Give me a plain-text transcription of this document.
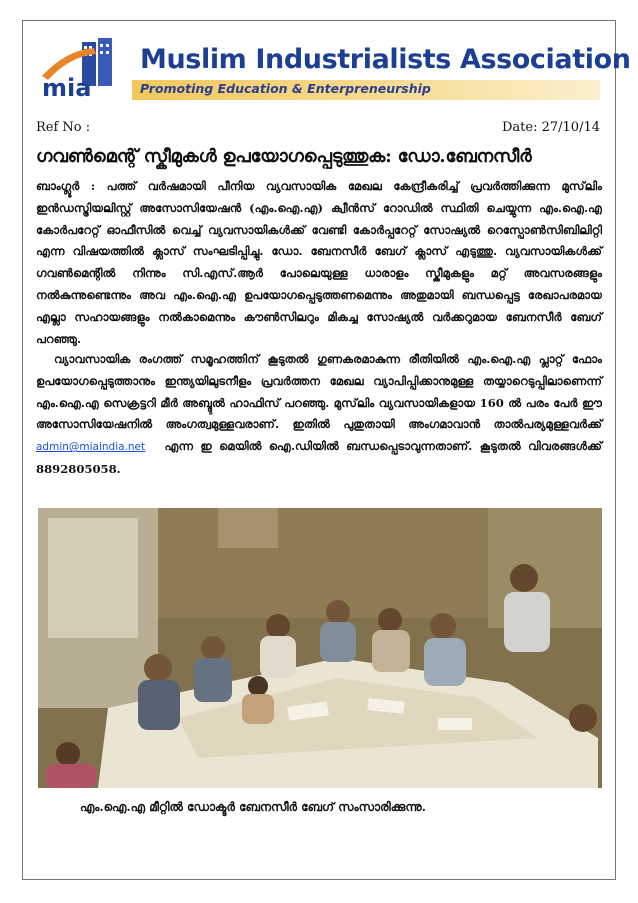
mia
Muslim Industrialists Association
Promoting Education & Enterpreneurship
Ref No :	Date: 27/10/14
ഗവൺമെന്റ് സ്കീമുകൾ ഉപയോഗപ്പെടുത്തുക: ഡോ.ബേനസീർ
ബാംഗ്ലൂർ : പത്ത് വർഷമായി പീനിയ വ്യവസായിക മേഖല കേന്ദ്രീകരിച്ച് പ്രവർത്തിക്കുന്ന മുസ്‌ലിം ഇൻഡസ്ട്രിയലിസ്റ്റ് അസോസിയേഷൻ (എം.ഐ.എ) ക്വീൻസ് റോഡിൽ സ്ഥിതി ചെയ്യുന്ന എം.ഐ.എ കോർപറേറ്റ് ഓഫീസിൽ വെച്ച് വ്യവസായികൾക്ക് വേണ്ടി കോർപ്പറേറ്റ് സോഷ്യൽ റെസ്പോൺസിബിലിറ്റി എന്ന വിഷയത്തിൽ ക്ലാസ് സംഘടിപ്പിച്ചു. ഡോ. ബേനസീർ ബേഗ് ക്ലാസ് എടുത്തു. വ്യവസായികൾക്ക് ഗവൺമെന്റിൽ നിന്നും സി.എസ്.ആർ പോലെയുള്ള ധാരാളം സ്കീമുകളും മറ്റ് അവസരങ്ങളും നൽകുന്നുണ്ടെന്നും അവ എം.ഐ.എ ഉപയോഗപ്പെടുത്തണമെന്നും അതുമായി ബന്ധപ്പെട്ട രേഖാപരമായ എല്ലാ സഹായങ്ങളും നൽകാമെന്നും കൗൺസിലറും മികച്ച സോഷ്യൽ വർക്കറുമായ ബേനസീർ ബേഗ് പറഞ്ഞു.
വ്യാവസായിക രംഗത്ത് സമൂഹത്തിന് കൂടുതൽ ഗുണകരമാകുന്ന രീതിയിൽ എം.ഐ.എ പ്ലാറ്റ് ഫോം ഉപയോഗപ്പെടുത്താനും ഇന്ത്യയിലുടനീളം പ്രവർത്തന മേഖല വ്യാപിപ്പിക്കാനുമുള്ള തയ്യാറെടുപ്പിലാണെന്ന് എം.ഐ.എ സെക്രട്ടറി മീർ അബ്ദുൽ ഹാഫിസ് പറഞ്ഞു. മുസ്‌ലിം വ്യവസായികളായ 160 ൽ പരം പേർ ഈ അസോസിയേഷനിൽ അംഗത്വമുള്ളവരാണ്. ഇതിൽ പുതുതായി അംഗമാവാൻ താൽപര്യമുള്ളവർക്ക് admin@miaindia.net എന്ന ഇ മെയിൽ ഐ.ഡിയിൽ ബന്ധപ്പെടാവുന്നതാണ്. കൂടുതൽ വിവരങ്ങൾക്ക് 8892805058.
എം.ഐ.എ മീറ്റിൽ ഡോക്ടർ ബേനസീർ ബേഗ് സംസാരിക്കുന്നു.
